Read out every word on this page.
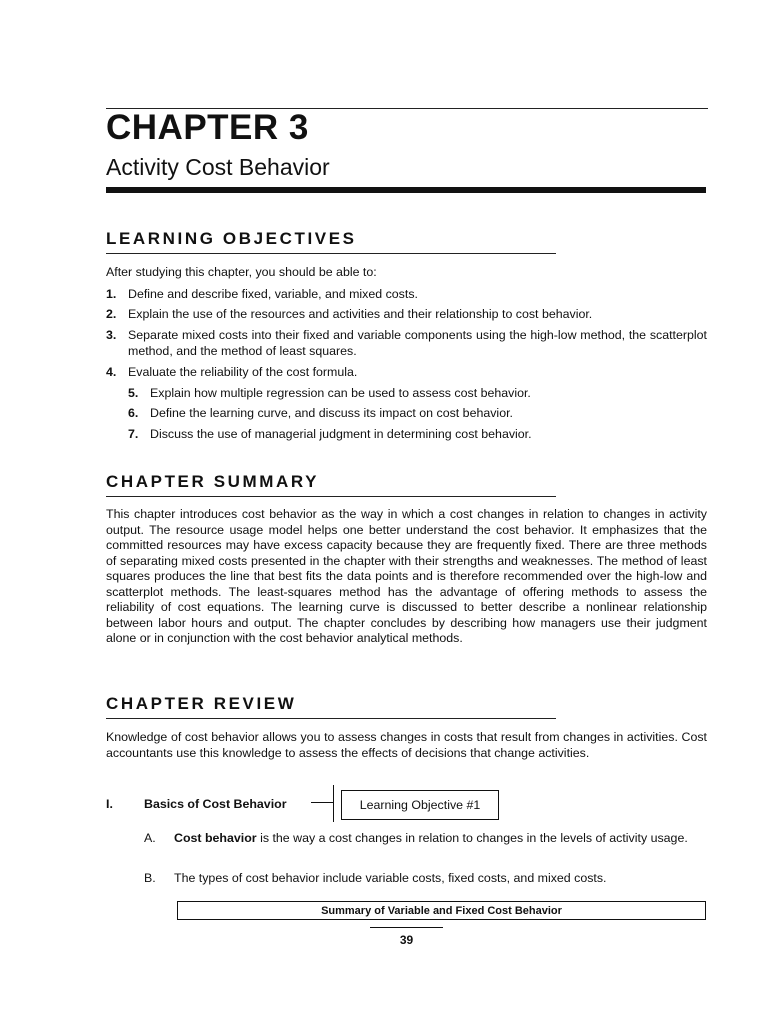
CHAPTER 3
Activity Cost Behavior
LEARNING OBJECTIVES
After studying this chapter, you should be able to:
1. Define and describe fixed, variable, and mixed costs.
2. Explain the use of the resources and activities and their relationship to cost behavior.
3. Separate mixed costs into their fixed and variable components using the high-low method, the scatterplot method, and the method of least squares.
4. Evaluate the reliability of the cost formula.
5. Explain how multiple regression can be used to assess cost behavior.
6. Define the learning curve, and discuss its impact on cost behavior.
7. Discuss the use of managerial judgment in determining cost behavior.
CHAPTER SUMMARY
This chapter introduces cost behavior as the way in which a cost changes in relation to changes in activity output. The resource usage model helps one better understand the cost behavior. It emphasizes that the committed resources may have excess capacity because they are frequently fixed. There are three methods of separating mixed costs presented in the chapter with their strengths and weaknesses. The method of least squares produces the line that best fits the data points and is therefore recommended over the high-low and scatterplot methods. The least-squares method has the advantage of offering methods to assess the reliability of cost equations. The learning curve is discussed to better describe a nonlinear relationship between labor hours and output. The chapter concludes by describing how managers use their judgment alone or in conjunction with the cost behavior analytical methods.
CHAPTER REVIEW
Knowledge of cost behavior allows you to assess changes in costs that result from changes in activities. Cost accountants use this knowledge to assess the effects of decisions that change activities.
I.	Basics of Cost Behavior	Learning Objective #1
A. Cost behavior is the way a cost changes in relation to changes in the levels of activity usage.
B. The types of cost behavior include variable costs, fixed costs, and mixed costs.
Summary of Variable and Fixed Cost Behavior
39
